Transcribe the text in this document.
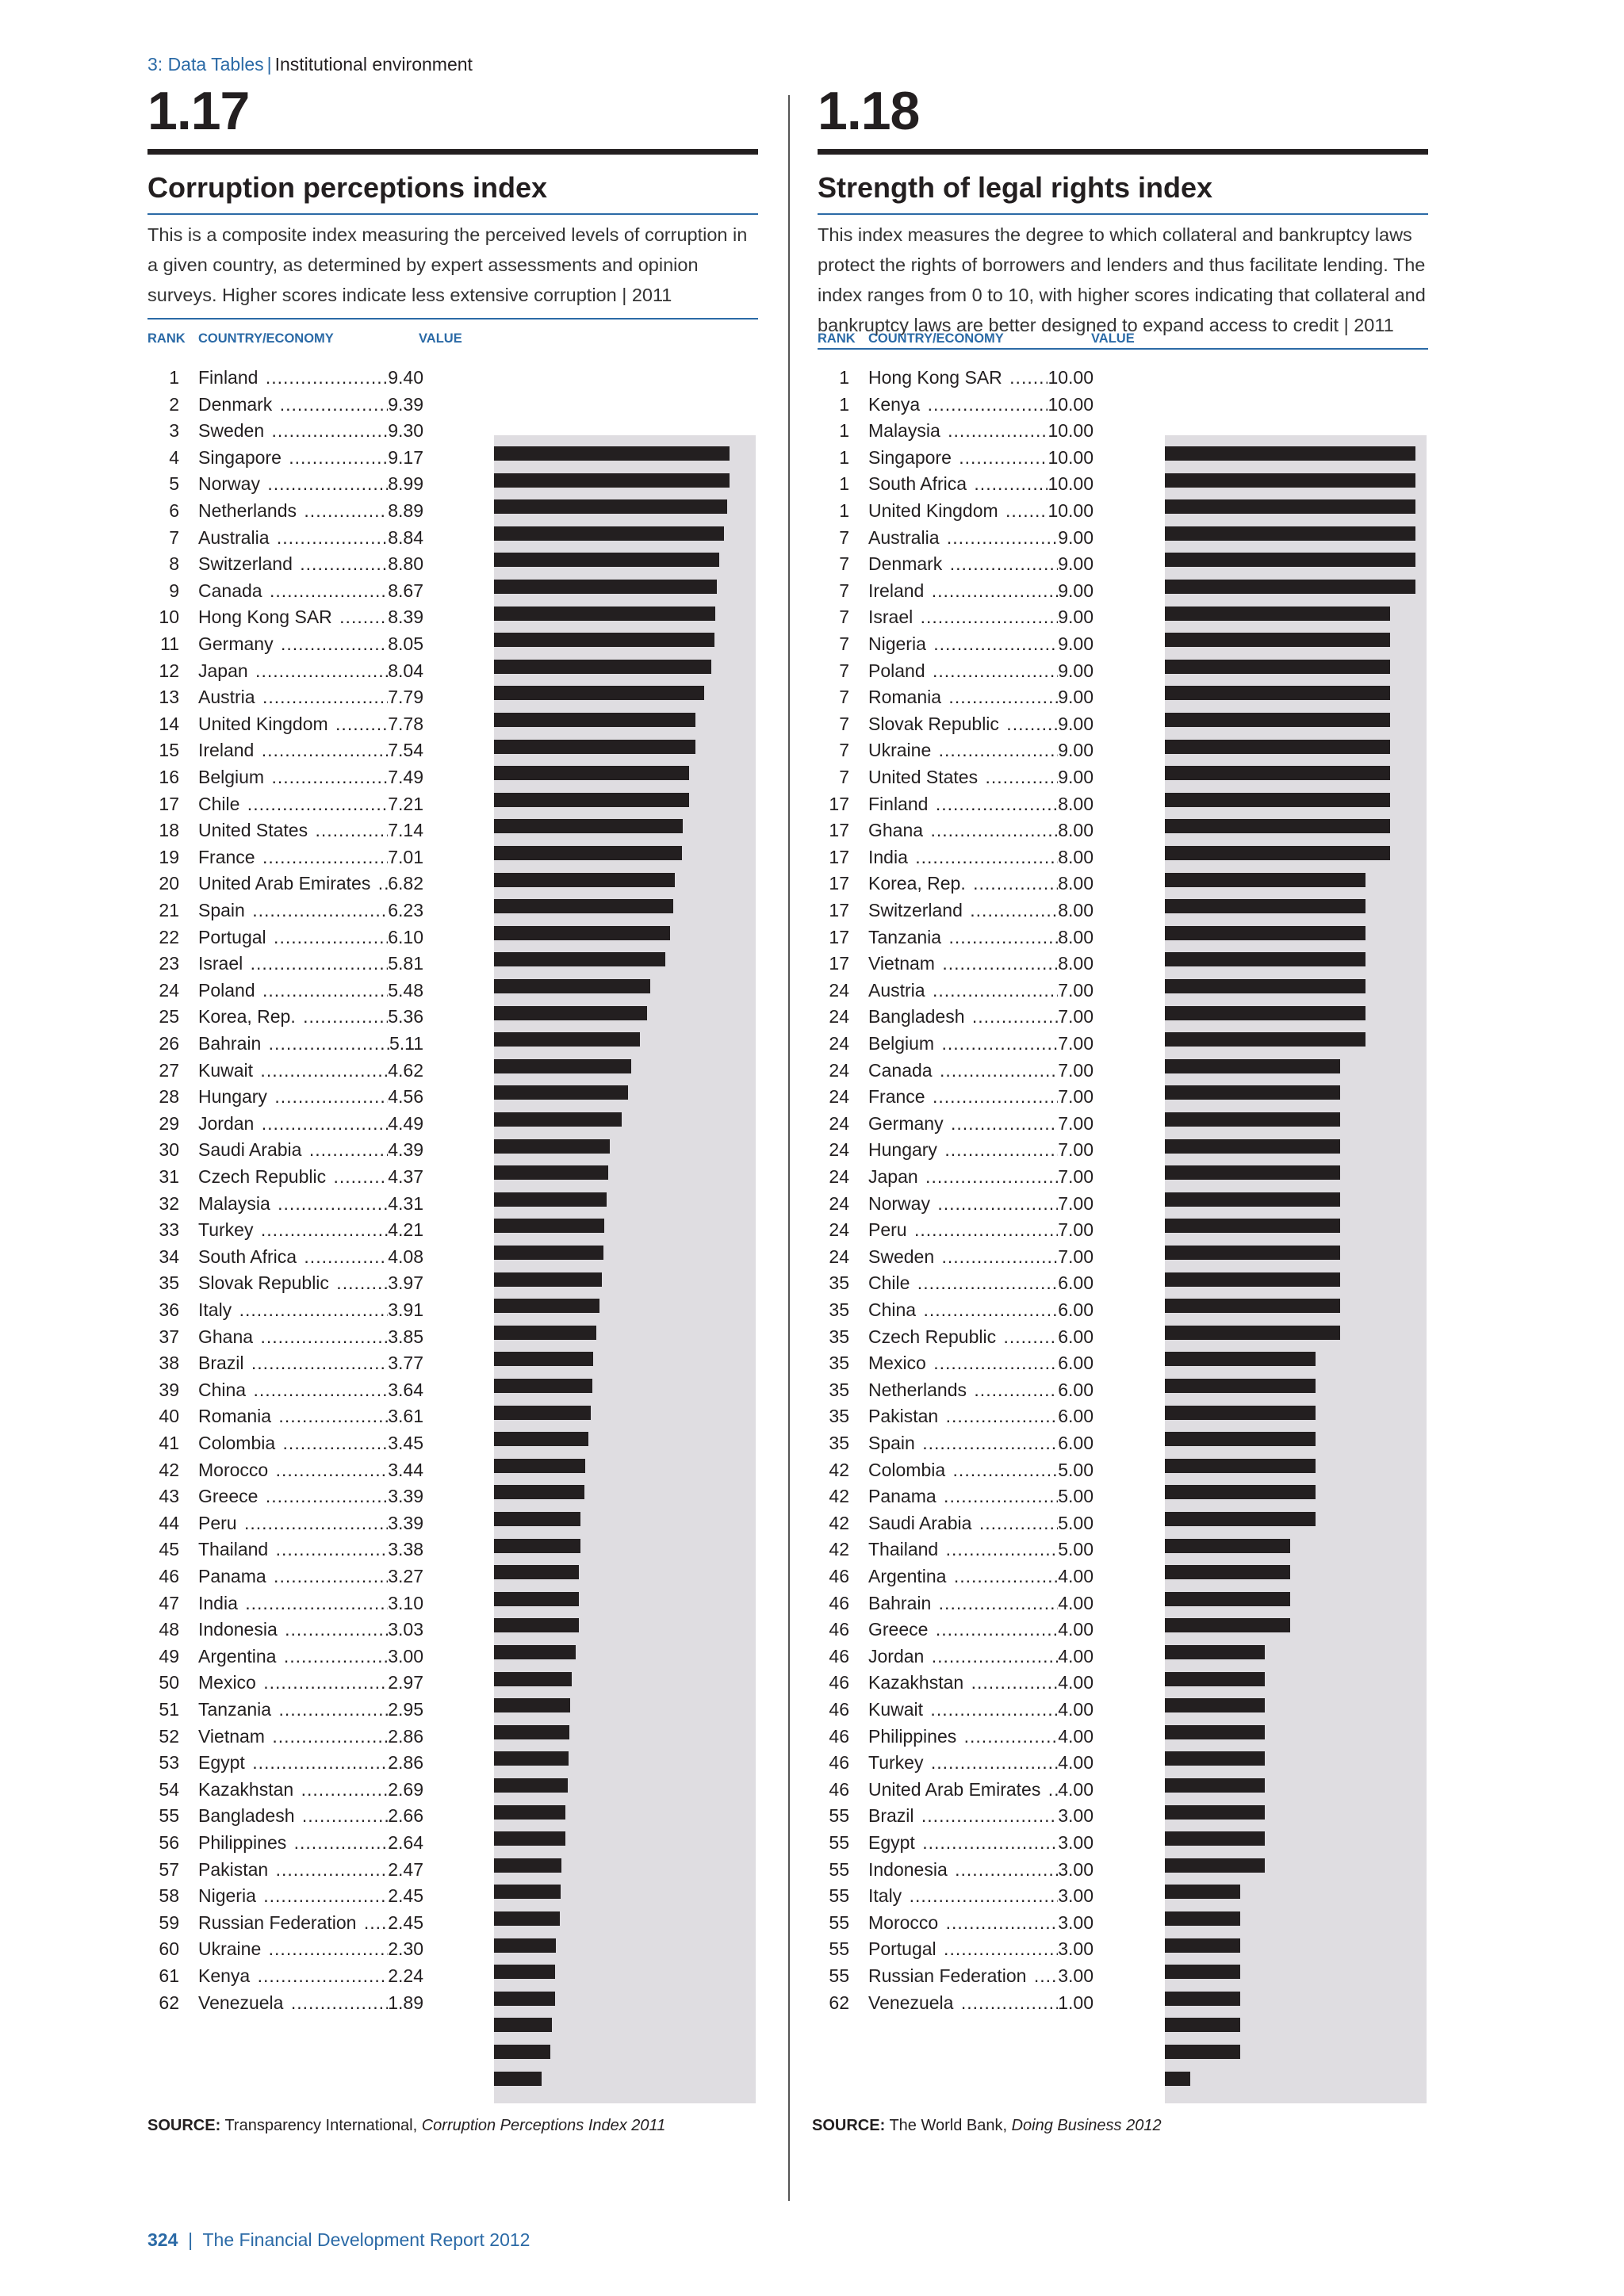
3: Data Tables | Institutional environment
1.17
Corruption perceptions index
This is a composite index measuring the perceived levels of corruption in a given country, as determined by expert assessments and opinion surveys. Higher scores indicate less extensive corruption | 2011
RANK COUNTRY/ECONOMY	VALUE
1 Finland .....	9.40
2 Denmark .....	9.39
3 Sweden .....	9.30
4 Singapore .....	9.17
5 Norway .....	8.99
6 Netherlands .....	8.89
7 Australia .....	8.84
8 Switzerland .....	8.80
9 Canada .....	8.67
10 Hong Kong SAR .....	8.39
11 Germany .....	8.05
12 Japan .....	8.04
13 Austria .....	7.79
14 United Kingdom .....	7.78
15 Ireland .....	7.54
16 Belgium .....	7.49
17 Chile .....	7.21
18 United States .....	7.14
19 France .....	7.01
20 United Arab Emirates ..... 6.82
21 Spain .....	6.23
22 Portugal .....	6.10
23 Israel .....	5.81
24 Poland .....	5.48
25 Korea, Rep. .....	5.36
26 Bahrain .....	5.11
27 Kuwait .....	4.62
28 Hungary .....	4.56
29 Jordan .....	4.49
30 Saudi Arabia .....	4.39
31 Czech Republic .....	4.37
32 Malaysia .....	4.31
33 Turkey .....	4.21
34 South Africa .....	4.08
35 Slovak Republic .....	3.97
36 Italy .....	3.91
37 Ghana .....	3.85
38 Brazil .....	3.77
39 China .....	3.64
40 Romania .....	3.61
41 Colombia .....	3.45
42 Morocco .....	3.44
43 Greece .....	3.39
44 Peru .....	3.39
45 Thailand .....	3.38
46 Panama .....	3.27
47 India .....	3.10
48 Indonesia .....	3.03
49 Argentina .....	3.00
50 Mexico .....	2.97
51 Tanzania .....	2.95
52 Vietnam .....	2.86
53 Egypt .....	2.86
54 Kazakhstan .....	2.69
55 Bangladesh .....	2.66
56 Philippines .....	2.64
57 Pakistan .....	2.47
58 Nigeria .....	2.45
59 Russian Federation .....	2.45
60 Ukraine .....	2.30
61 Kenya .....	2.24
62 Venezuela .....	1.89
SOURCE: Transparency International, Corruption Perceptions Index 2011
1.18
Strength of legal rights index
This index measures the degree to which collateral and bankruptcy laws protect the rights of borrowers and lenders and thus facilitate lending. The index ranges from 0 to 10, with higher scores indicating that collateral and bankruptcy laws are better designed to expand access to credit | 2011
RANK COUNTRY/ECONOMY	VALUE
1 Hong Kong SAR .....	10.00
1 Kenya .....	10.00
1 Malaysia .....	10.00
1 Singapore .....	10.00
1 South Africa .....	10.00
1 United Kingdom .....	10.00
7 Australia .....	9.00
7 Denmark .....	9.00
7 Ireland .....	9.00
7 Israel .....	9.00
7 Nigeria .....	9.00
7 Poland .....	9.00
7 Romania .....	9.00
7 Slovak Republic .....	9.00
7 Ukraine .....	9.00
7 United States .....	9.00
17 Finland .....	8.00
17 Ghana .....	8.00
17 India .....	8.00
17 Korea, Rep. .....	8.00
17 Switzerland .....	8.00
17 Tanzania .....	8.00
17 Vietnam .....	8.00
24 Austria .....	7.00
24 Bangladesh .....	7.00
24 Belgium .....	7.00
24 Canada .....	7.00
24 France .....	7.00
24 Germany .....	7.00
24 Hungary .....	7.00
24 Japan .....	7.00
24 Norway .....	7.00
24 Peru .....	7.00
24 Sweden .....	7.00
35 Chile .....	6.00
35 China .....	6.00
35 Czech Republic .....	6.00
35 Mexico .....	6.00
35 Netherlands .....	6.00
35 Pakistan .....	6.00
35 Spain .....	6.00
42 Colombia .....	5.00
42 Panama .....	5.00
42 Saudi Arabia .....	5.00
42 Thailand .....	5.00
46 Argentina .....	4.00
46 Bahrain .....	4.00
46 Greece .....	4.00
46 Jordan .....	4.00
46 Kazakhstan .....	4.00
46 Kuwait .....	4.00
46 Philippines .....	4.00
46 Turkey .....	4.00
46 United Arab Emirates ..... 4.00
55 Brazil .....	3.00
55 Egypt .....	3.00
55 Indonesia .....	3.00
55 Italy .....	3.00
55 Morocco .....	3.00
55 Portugal .....	3.00
55 Russian Federation .....	3.00
62 Venezuela .....	1.00
SOURCE: The World Bank, Doing Business 2012
324  |  The Financial Development Report 2012
